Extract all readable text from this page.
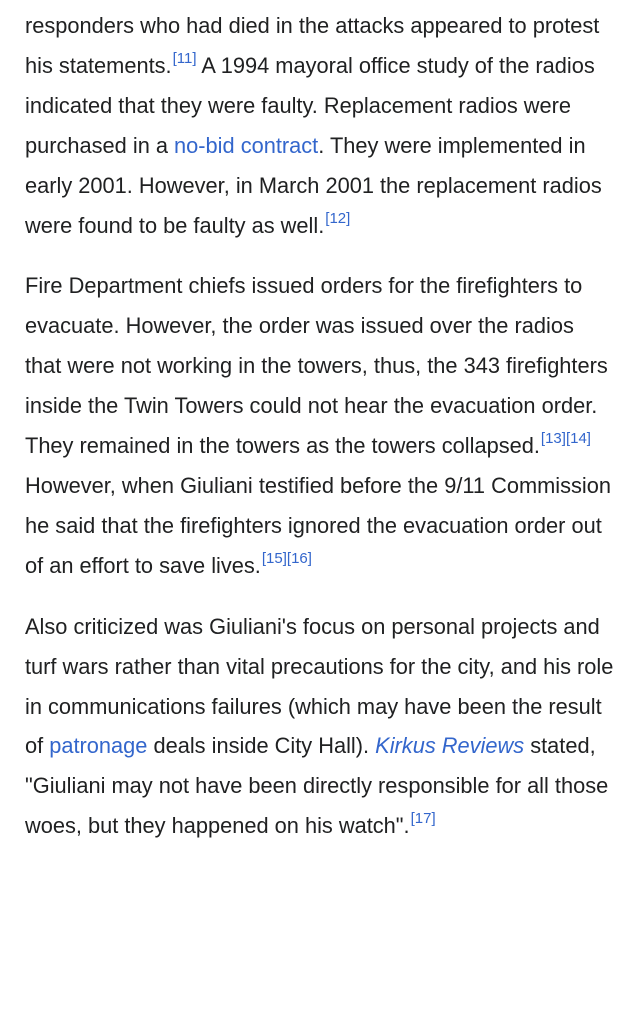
responders who had died in the attacks appeared to protest his statements.[11] A 1994 mayoral office study of the radios indicated that they were faulty. Replacement radios were purchased in a no-bid contract. They were implemented in early 2001. However, in March 2001 the replacement radios were found to be faulty as well.[12]

Fire Department chiefs issued orders for the firefighters to evacuate. However, the order was issued over the radios that were not working in the towers, thus, the 343 firefighters inside the Twin Towers could not hear the evacuation order. They remained in the towers as the towers collapsed.[13][14] However, when Giuliani testified before the 9/11 Commission he said that the firefighters ignored the evacuation order out of an effort to save lives.[15][16]

Also criticized was Giuliani's focus on personal projects and turf wars rather than vital precautions for the city, and his role in communications failures (which may have been the result of patronage deals inside City Hall). Kirkus Reviews stated, "Giuliani may not have been directly responsible for all those woes, but they happened on his watch".[17]
